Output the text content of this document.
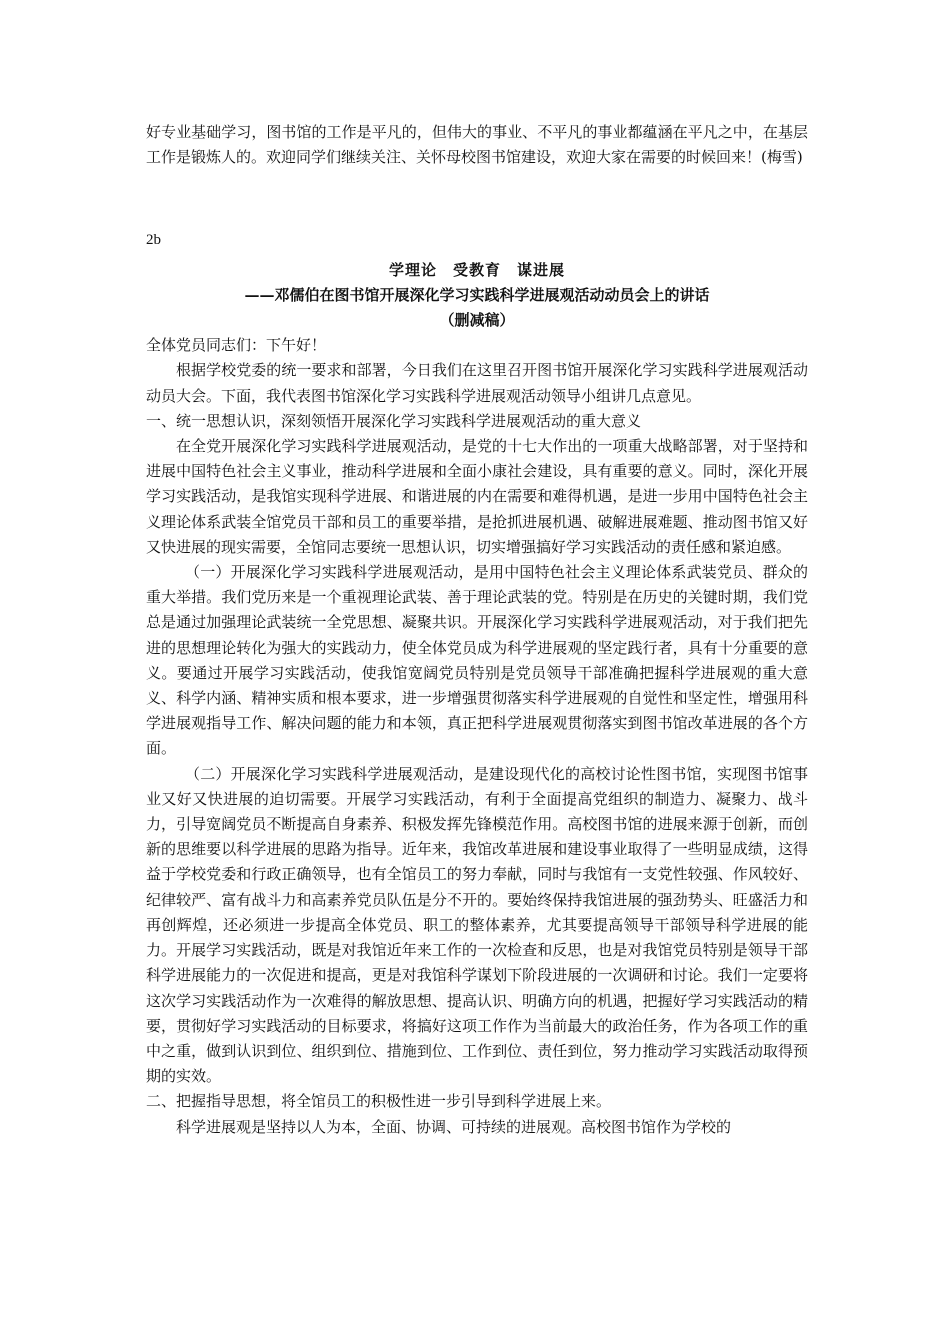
好专业基础学习，图书馆的工作是平凡的，但伟大的事业、不平凡的事业都蕴涵在平凡之中，在基层工作是锻炼人的。欢迎同学们继续关注、关怀母校图书馆建设，欢迎大家在需要的时候回来！(梅雪)

2b

学理论　受教育　谋进展

——邓儒伯在图书馆开展深化学习实践科学进展观活动动员会上的讲话

（删减稿）

全体党员同志们：下午好！

根据学校党委的统一要求和部署，今日我们在这里召开图书馆开展深化学习实践科学进展观活动动员大会。下面，我代表图书馆深化学习实践科学进展观活动领导小组讲几点意见。

一、统一思想认识，深刻领悟开展深化学习实践科学进展观活动的重大意义

在全党开展深化学习实践科学进展观活动，是党的十七大作出的一项重大战略部署，对于坚持和进展中国特色社会主义事业，推动科学进展和全面小康社会建设，具有重要的意义。同时，深化开展学习实践活动，是我馆实现科学进展、和谐进展的内在需要和难得机遇，是进一步用中国特色社会主义理论体系武装全馆党员干部和员工的重要举措，是抢抓进展机遇、破解进展难题、推动图书馆又好又快进展的现实需要，全馆同志要统一思想认识，切实增强搞好学习实践活动的责任感和紧迫感。

（一）开展深化学习实践科学进展观活动，是用中国特色社会主义理论体系武装党员、群众的重大举措。我们党历来是一个重视理论武装、善于理论武装的党。特别是在历史的关键时期，我们党总是通过加强理论武装统一全党思想、凝聚共识。开展深化学习实践科学进展观活动，对于我们把先进的思想理论转化为强大的实践动力，使全体党员成为科学进展观的坚定践行者，具有十分重要的意义。要通过开展学习实践活动，使我馆宽阔党员特别是党员领导干部准确把握科学进展观的重大意义、科学内涵、精神实质和根本要求，进一步增强贯彻落实科学进展观的自觉性和坚定性，增强用科学进展观指导工作、解决问题的能力和本领，真正把科学进展观贯彻落实到图书馆改革进展的各个方面。

（二）开展深化学习实践科学进展观活动，是建设现代化的高校讨论性图书馆，实现图书馆事业又好又快进展的迫切需要。开展学习实践活动，有利于全面提高党组织的制造力、凝聚力、战斗力，引导宽阔党员不断提高自身素养、积极发挥先锋模范作用。高校图书馆的进展来源于创新，而创新的思维要以科学进展的思路为指导。近年来，我馆改革进展和建设事业取得了一些明显成绩，这得益于学校党委和行政正确领导，也有全馆员工的努力奉献，同时与我馆有一支党性较强、作风较好、纪律较严、富有战斗力和高素养党员队伍是分不开的。要始终保持我馆进展的强劲势头、旺盛活力和再创辉煌，还必须进一步提高全体党员、职工的整体素养，尤其要提高领导干部领导科学进展的能力。开展学习实践活动，既是对我馆近年来工作的一次检查和反思，也是对我馆党员特别是领导干部科学进展能力的一次促进和提高，更是对我馆科学谋划下阶段进展的一次调研和讨论。我们一定要将这次学习实践活动作为一次难得的解放思想、提高认识、明确方向的机遇，把握好学习实践活动的精要，贯彻好学习实践活动的目标要求，将搞好这项工作作为当前最大的政治任务，作为各项工作的重中之重，做到认识到位、组织到位、措施到位、工作到位、责任到位，努力推动学习实践活动取得预期的实效。

二、把握指导思想，将全馆员工的积极性进一步引导到科学进展上来。

科学进展观是坚持以人为本，全面、协调、可持续的进展观。高校图书馆作为学校的
